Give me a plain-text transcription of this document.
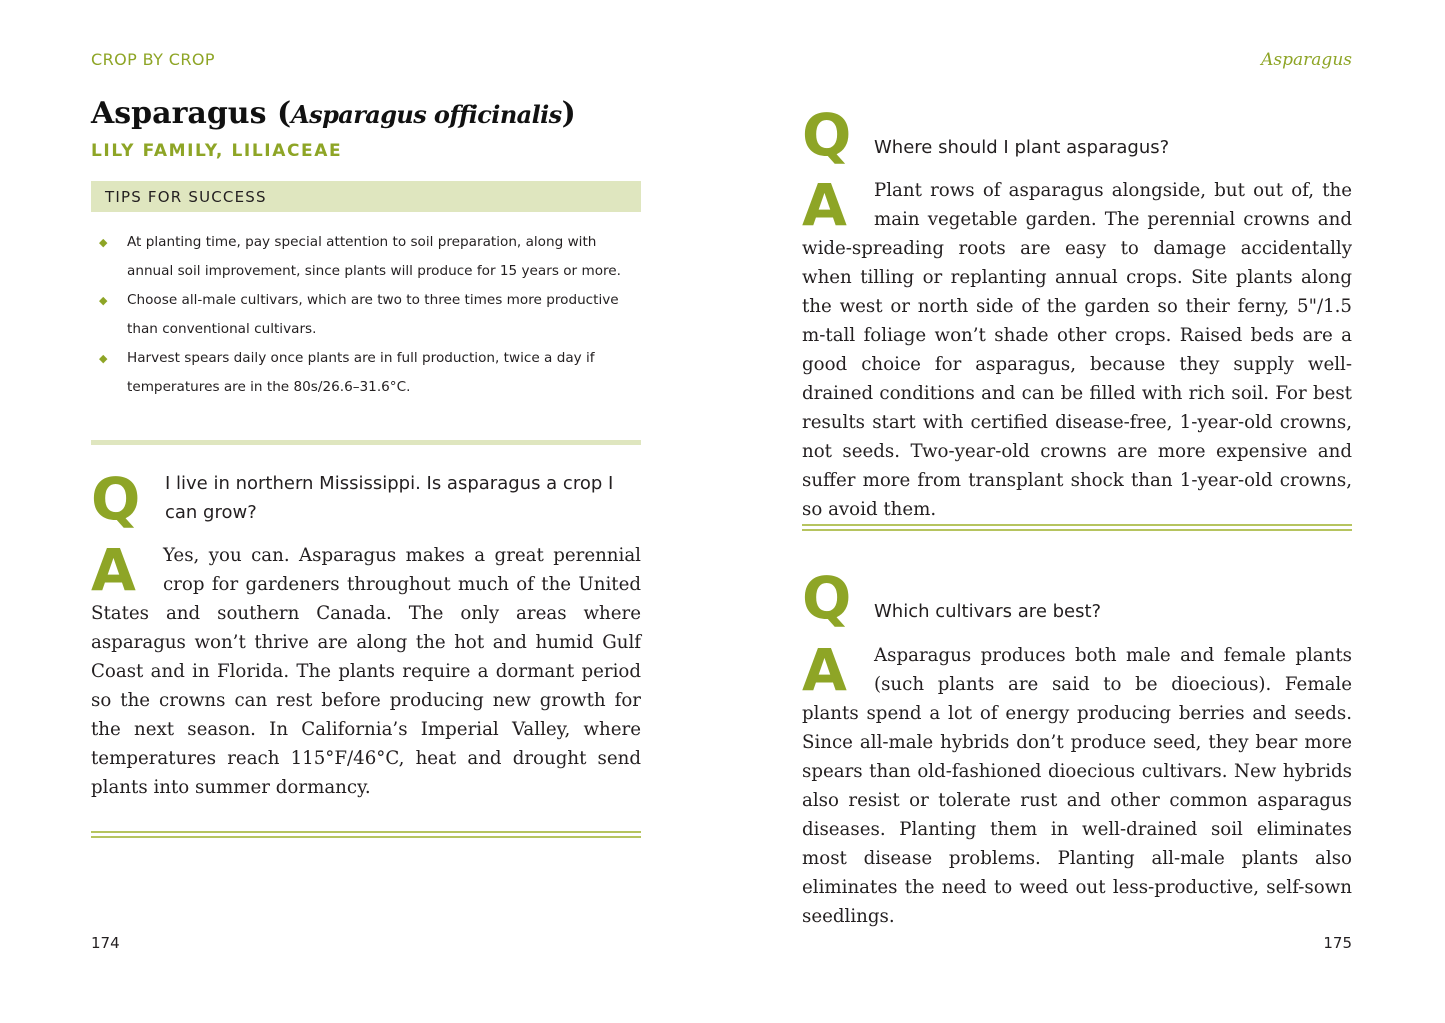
CROP BY CROP
Asparagus (Asparagus officinalis)
LILY FAMILY, LILIACEAE
TIPS FOR SUCCESS
◆ At planting time, pay special attention to soil preparation, along with annual soil improvement, since plants will produce for 15 years or more.
◆ Choose all-male cultivars, which are two to three times more productive than conventional cultivars.
◆ Harvest spears daily once plants are in full production, twice a day if temperatures are in the 80s/26.6–31.6°C.
Q I live in northern Mississippi. Is asparagus a crop I can grow?
A	Yes, you can. Asparagus makes a great perennial crop for gardeners throughout much of the United States and southern Canada. The only areas where asparagus won’t thrive are along the hot and humid Gulf Coast and in Florida. The plants require a dormant period so the crowns can rest before producing new growth for the next season. In California’s Imperial Valley, where temperatures reach 115°F/46°C, heat and drought send plants into summer dormancy.
174
Asparagus
Q Where should I plant asparagus?
A	Plant rows of asparagus alongside, but out of, the main vegetable garden. The perennial crowns and wide-spreading roots are easy to damage accidentally when tilling or replanting annual crops. Site plants along the west or north side of the garden so their ferny, 5"/1.5 m-tall foliage won’t shade other crops. Raised beds are a good choice for asparagus, because they supply well-drained conditions and can be filled with rich soil. For best results start with certified disease-free, 1-year-old crowns, not seeds. Two-year-old crowns are more expensive and suffer more from transplant shock than 1-year-old crowns, so avoid them.
Q Which cultivars are best?
A	Asparagus produces both male and female plants (such plants are said to be dioecious). Female plants spend a lot of energy producing berries and seeds. Since all-male hybrids don’t produce seed, they bear more spears than old-fashioned dioecious cultivars. New hybrids also resist or tolerate rust and other common asparagus diseases. Planting them in well-drained soil eliminates most disease problems. Planting all-male plants also eliminates the need to weed out less-productive, self-sown seedlings.
175
